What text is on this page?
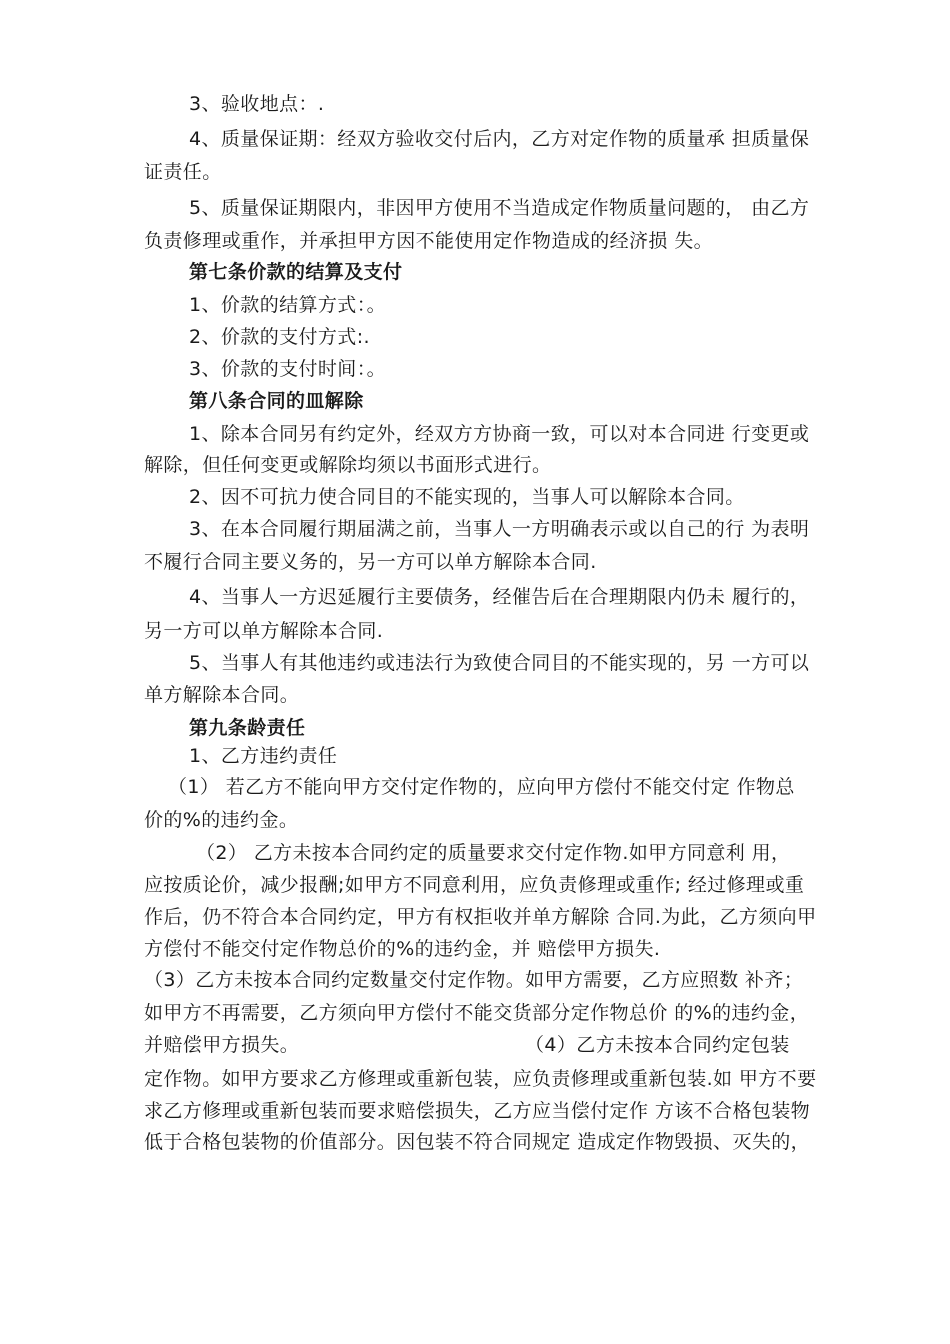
3、验收地点：.
4、质量保证期：经双方验收交付后内，乙方对定作物的质量承 担质量保
证责任。
5、质量保证期限内，非因甲方使用不当造成定作物质量问题的， 由乙方
负责修理或重作，并承担甲方因不能使用定作物造成的经济损 失。
第七条价款的结算及支付
1、价款的结算方式：。
2、价款的支付方式:.
3、价款的支付时间：。
第八条合同的皿解除
1、除本合同另有约定外，经双方方协商一致，可以对本合同进 行变更或
解除，但任何变更或解除均须以书面形式进行。
2、因不可抗力使合同目的不能实现的，当事人可以解除本合同。
3、在本合同履行期届满之前，当事人一方明确表示或以自己的行 为表明
不履行合同主要义务的，另一方可以单方解除本合同.
4、当事人一方迟延履行主要债务，经催告后在合理期限内仍未 履行的，
另一方可以单方解除本合同.
5、当事人有其他违约或违法行为致使合同目的不能实现的，另 一方可以
单方解除本合同。
第九条龄责任
1、乙方违约责任
（1） 若乙方不能向甲方交付定作物的，应向甲方偿付不能交付定 作物总
价的%的违约金。
（2） 乙方未按本合同约定的质量要求交付定作物.如甲方同意利 用，
应按质论价，减少报酬;如甲方不同意利用，应负责修理或重作; 经过修理或重
作后，仍不符合本合同约定，甲方有权拒收并单方解除 合同.为此，乙方须向甲
方偿付不能交付定作物总价的%的违约金，并 赔偿甲方损失.
（3）乙方未按本合同约定数量交付定作物。如甲方需要，乙方应照数 补齐；
如甲方不再需要，乙方须向甲方偿付不能交货部分定作物总价 的%的违约金，
并赔偿甲方损失。	（4）乙方未按本合同约定包装
定作物。如甲方要求乙方修理或重新包装，应负责修理或重新包装.如 甲方不要
求乙方修理或重新包装而要求赔偿损失，乙方应当偿付定作 方该不合格包装物
低于合格包装物的价值部分。因包装不符合同规定 造成定作物毁损、灭失的，
